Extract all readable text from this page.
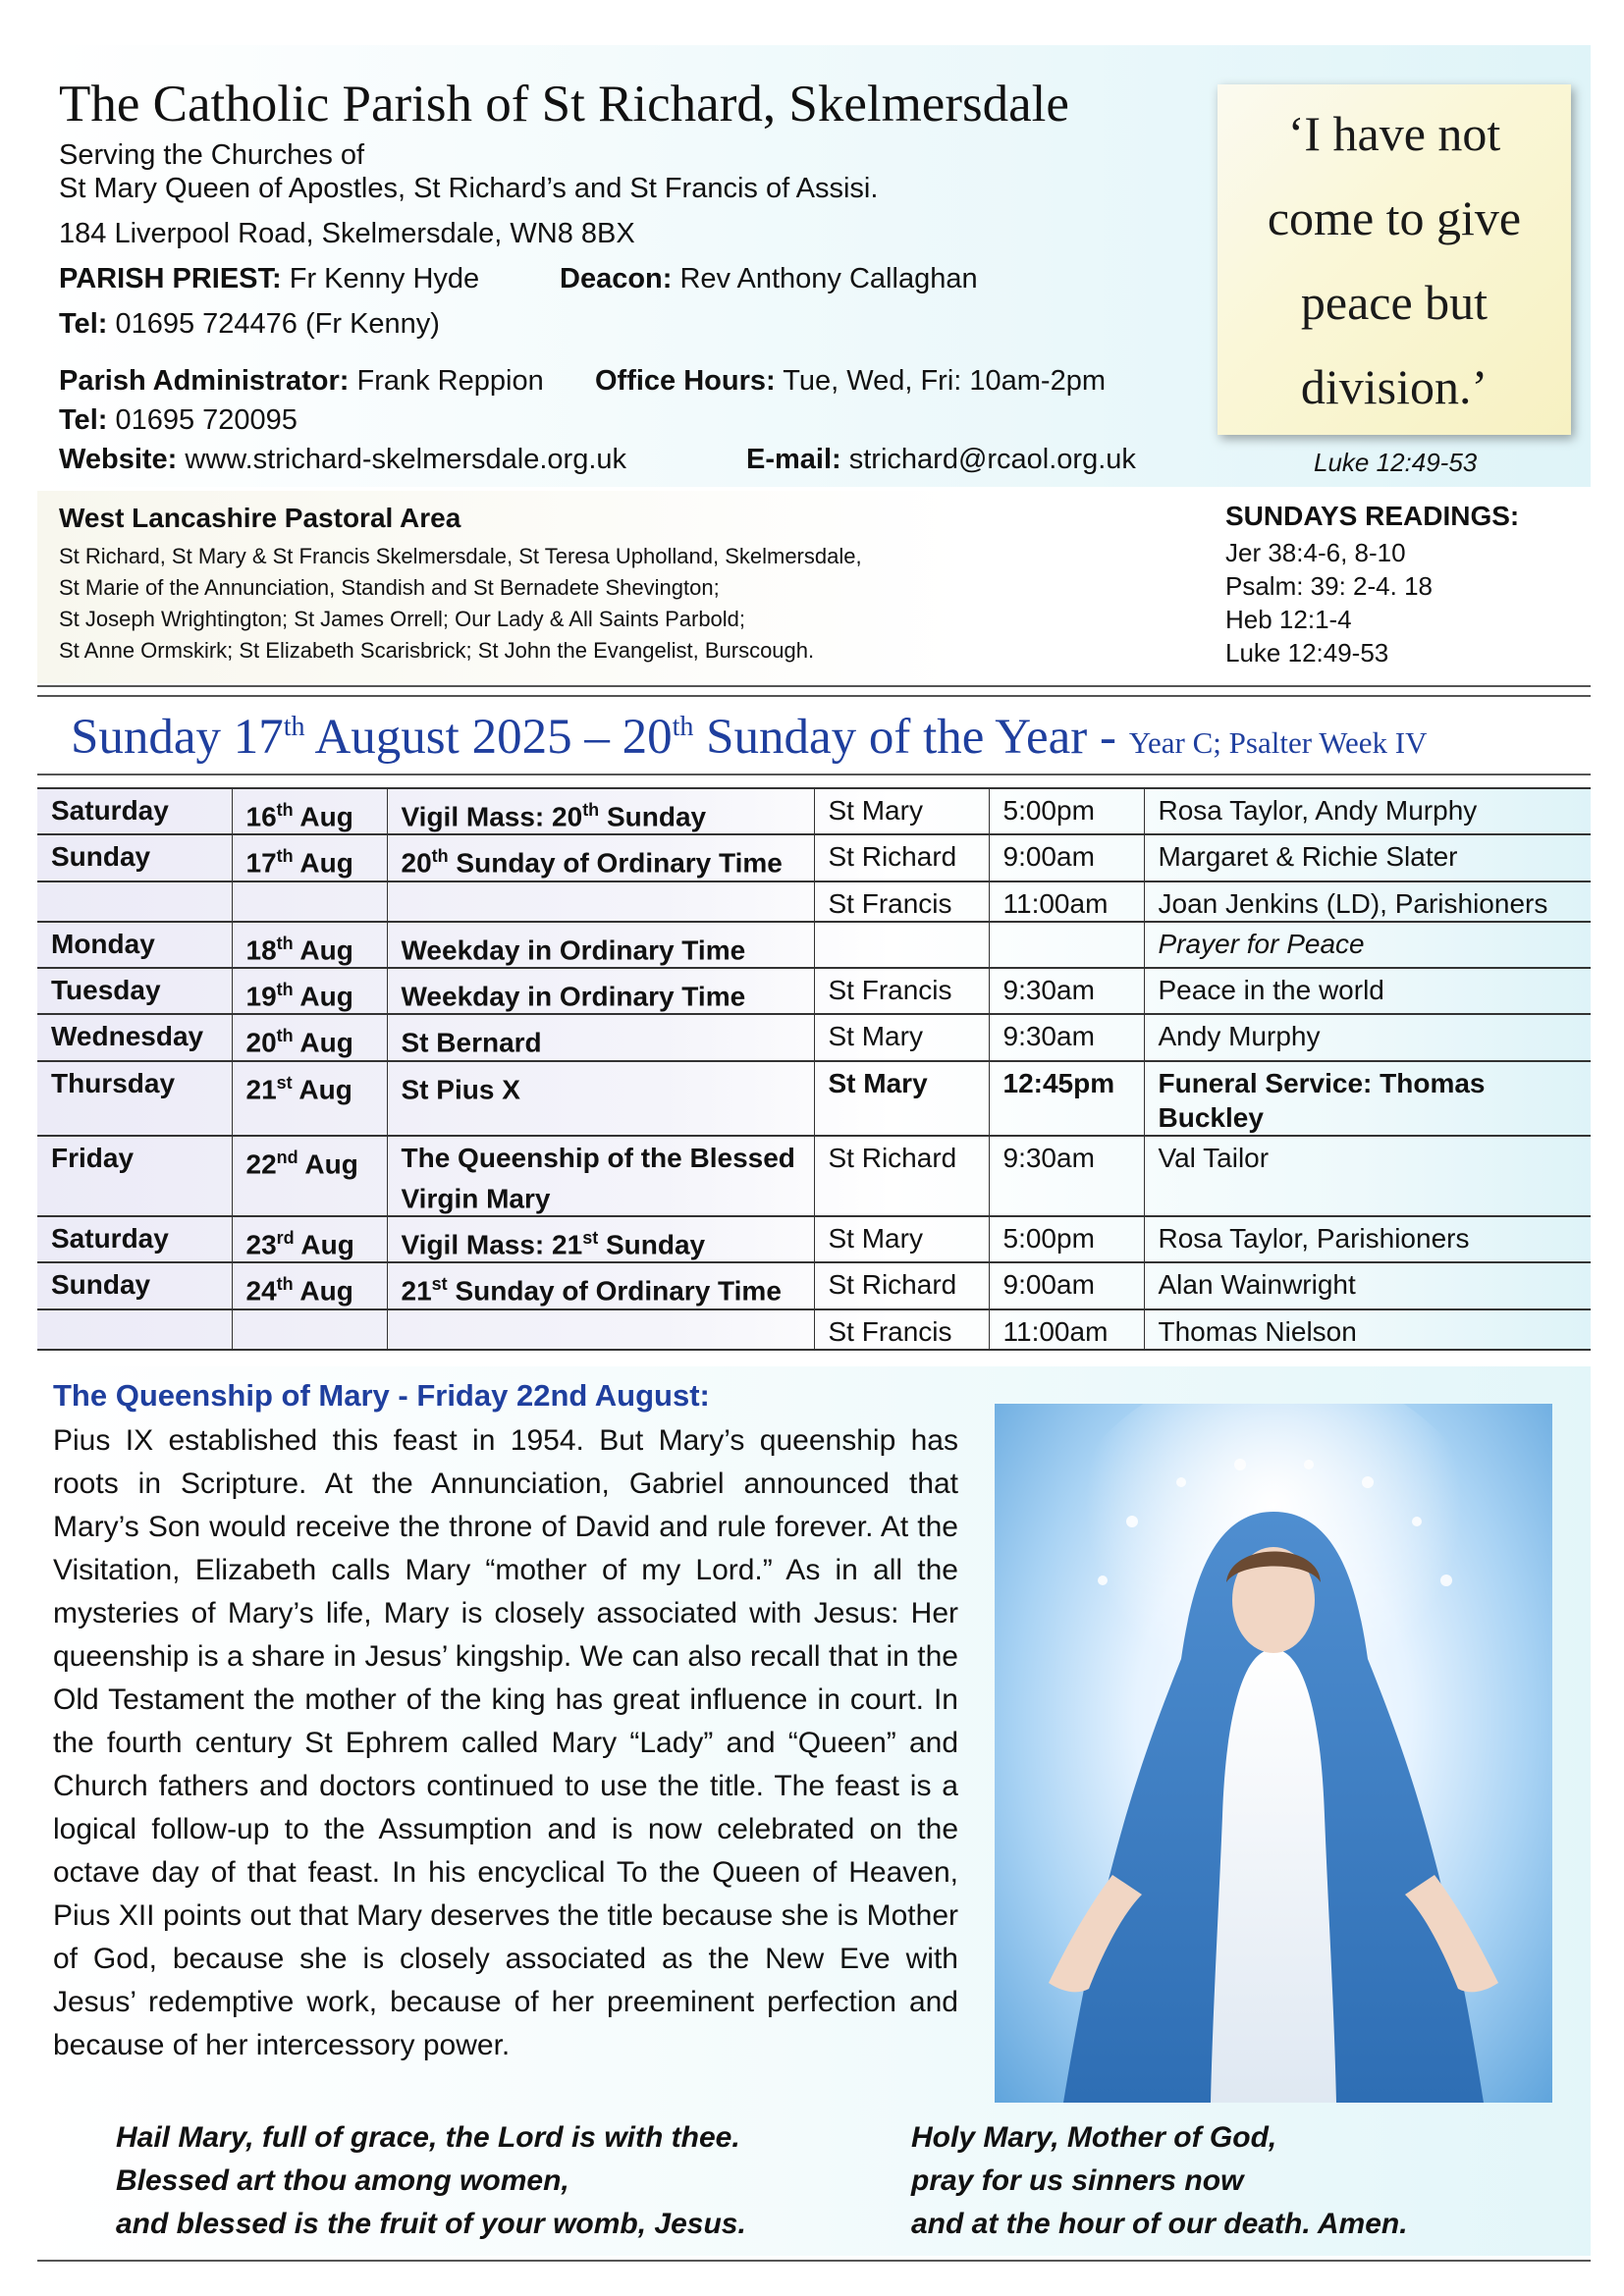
The Catholic Parish of St Richard, Skelmersdale
Serving the Churches of
St Mary Queen of Apostles, St Richard’s and St Francis of Assisi.
184 Liverpool Road, Skelmersdale, WN8 8BX
PARISH PRIEST: Fr Kenny Hyde	Deacon: Rev Anthony Callaghan
Tel: 01695 724476 (Fr Kenny)
Parish Administrator: Frank Reppion Office Hours: Tue, Wed, Fri: 10am-2pm
Tel: 01695 720095
Website: www.strichard-skelmersdale.org.uk	E-mail: strichard@rcaol.org.uk
‘I have not come to give peace but division.’
Luke 12:49-53
West Lancashire Pastoral Area
St Richard, St Mary & St Francis Skelmersdale, St Teresa Upholland, Skelmersdale,
St Marie of the Annunciation, Standish and St Bernadete Shevington;
St Joseph Wrightington; St James Orrell; Our Lady & All Saints Parbold;
St Anne Ormskirk; St Elizabeth Scarisbrick; St John the Evangelist, Burscough.
SUNDAYS READINGS:
Jer 38:4-6, 8-10
Psalm: 39: 2-4. 18
Heb 12:1-4
Luke 12:49-53
Sunday 17th August 2025 – 20th Sunday of the Year - Year C; Psalter Week IV
Saturday	16th Aug	Vigil Mass: 20th Sunday	St Mary	5:00pm	Rosa Taylor, Andy Murphy
Sunday	17th Aug	20th Sunday of Ordinary Time	St Richard	9:00am	Margaret & Richie Slater
			St Francis	11:00am	Joan Jenkins (LD), Parishioners
Monday	18th Aug	Weekday in Ordinary Time			Prayer for Peace
Tuesday	19th Aug	Weekday in Ordinary Time	St Francis	9:30am	Peace in the world
Wednesday	20th Aug	St Bernard	St Mary	9:30am	Andy Murphy
Thursday	21st Aug	St Pius X	St Mary	12:45pm	Funeral Service: Thomas Buckley
Friday	22nd Aug	The Queenship of the Blessed Virgin Mary	St Richard	9:30am	Val Tailor
Saturday	23rd Aug	Vigil Mass: 21st Sunday	St Mary	5:00pm	Rosa Taylor, Parishioners
Sunday	24th Aug	21st Sunday of Ordinary Time	St Richard	9:00am	Alan Wainwright
			St Francis	11:00am	Thomas Nielson
The Queenship of Mary - Friday 22nd August:
Pius IX established this feast in 1954. But Mary’s queenship has roots in Scripture. At the Annunciation, Gabriel announced that Mary’s Son would receive the throne of David and rule forever. At the Visitation, Elizabeth calls Mary “mother of my Lord.” As in all the mysteries of Mary’s life, Mary is closely associated with Jesus: Her queenship is a share in Jesus’ kingship. We can also recall that in the Old Testament the mother of the king has great influence in court. In the fourth century St Ephrem called Mary “Lady” and “Queen” and Church fathers and doctors continued to use the title. The feast is a logical follow-up to the Assumption and is now celebrated on the octave day of that feast. In his encyclical To the Queen of Heaven, Pius XII points out that Mary deserves the title because she is Mother of God, because she is closely associated as the New Eve with Jesus’ redemptive work, because of her preeminent perfection and because of her intercessory power.
Hail Mary, full of grace, the Lord is with thee.
Blessed art thou among women,
and blessed is the fruit of your womb, Jesus.
Holy Mary, Mother of God,
pray for us sinners now
and at the hour of our death. Amen.
